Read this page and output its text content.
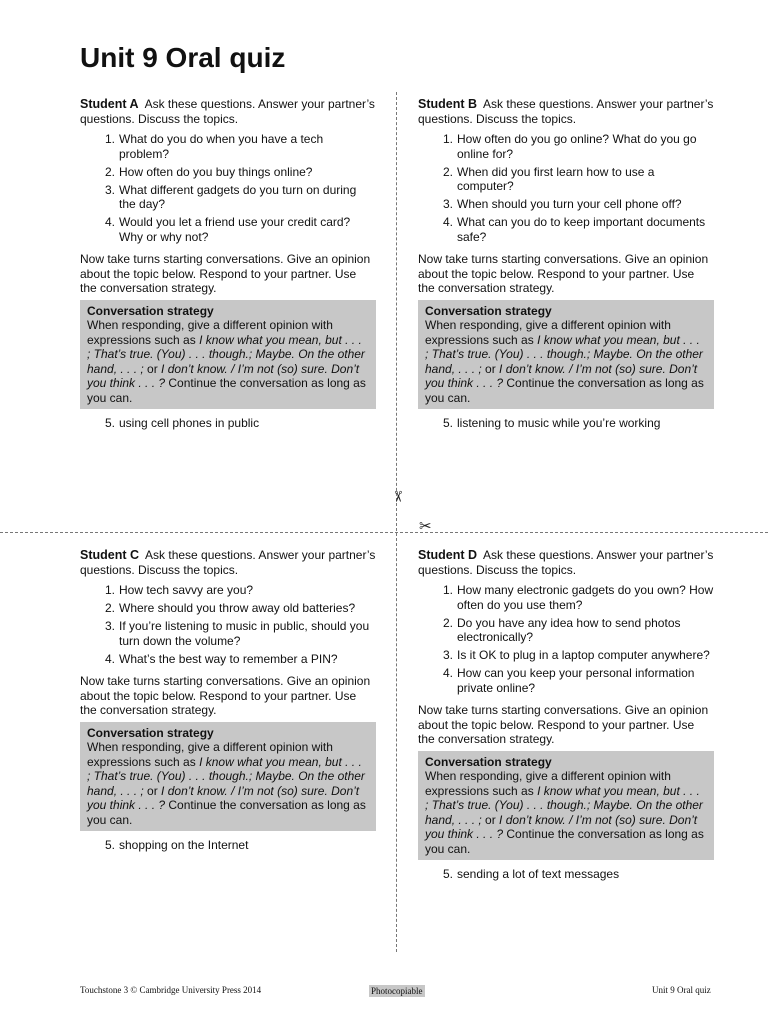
Unit 9 Oral quiz
✂
✂

Student A Ask these questions. Answer your partner’s questions. Discuss the topics.

1. What do you do when you have a tech problem?
2. How often do you buy things online?
3. What different gadgets do you turn on during the day?
4. Would you let a friend use your credit card? Why or why not?

Now take turns starting conversations. Give an opinion about the topic below. Respond to your partner. Use the conversation strategy.

Conversation strategy

When responding, give a different opinion with expressions such as I know what you mean, but . . . ; That’s true. (You) . . . though.; Maybe. On the other hand, . . . ; or I don’t know. / I’m not (so) sure. Don’t you think . . . ? Continue the conversation as long as you can.

5. using cell phones in public

Student B Ask these questions. Answer your partner’s questions. Discuss the topics.

1. How often do you go online? What do you go online for?
2. When did you first learn how to use a computer?
3. When should you turn your cell phone off?
4. What can you do to keep important documents safe?

Now take turns starting conversations. Give an opinion about the topic below. Respond to your partner. Use the conversation strategy.

Conversation strategy

When responding, give a different opinion with expressions such as I know what you mean, but . . . ; That’s true. (You) . . . though.; Maybe. On the other hand, . . . ; or I don’t know. / I’m not (so) sure. Don’t you think . . . ? Continue the conversation as long as you can.

5. listening to music while you’re working

Student C Ask these questions. Answer your partner’s questions. Discuss the topics.

1. How tech savvy are you?
2. Where should you throw away old batteries?
3. If you’re listening to music in public, should you turn down the volume?
4. What’s the best way to remember a PIN?

Now take turns starting conversations. Give an opinion about the topic below. Respond to your partner. Use the conversation strategy.

Conversation strategy

When responding, give a different opinion with expressions such as I know what you mean, but . . . ; That’s true. (You) . . . though.; Maybe. On the other hand, . . . ; or I don’t know. / I’m not (so) sure. Don’t you think . . . ? Continue the conversation as long as you can.

5. shopping on the Internet

Student D Ask these questions. Answer your partner’s questions. Discuss the topics.

1. How many electronic gadgets do you own? How often do you use them?
2. Do you have any idea how to send photos electronically?
3. Is it OK to plug in a laptop computer anywhere?
4. How can you keep your personal information private online?

Now take turns starting conversations. Give an opinion about the topic below. Respond to your partner. Use the conversation strategy.

Conversation strategy

When responding, give a different opinion with expressions such as I know what you mean, but . . . ; That’s true. (You) . . . though.; Maybe. On the other hand, . . . ; or I don’t know. / I’m not (so) sure. Don’t you think . . . ? Continue the conversation as long as you can.

5. sending a lot of text messages
Touchstone 3 © Cambridge University Press 2014	Photocopiable	Unit 9 Oral quiz
